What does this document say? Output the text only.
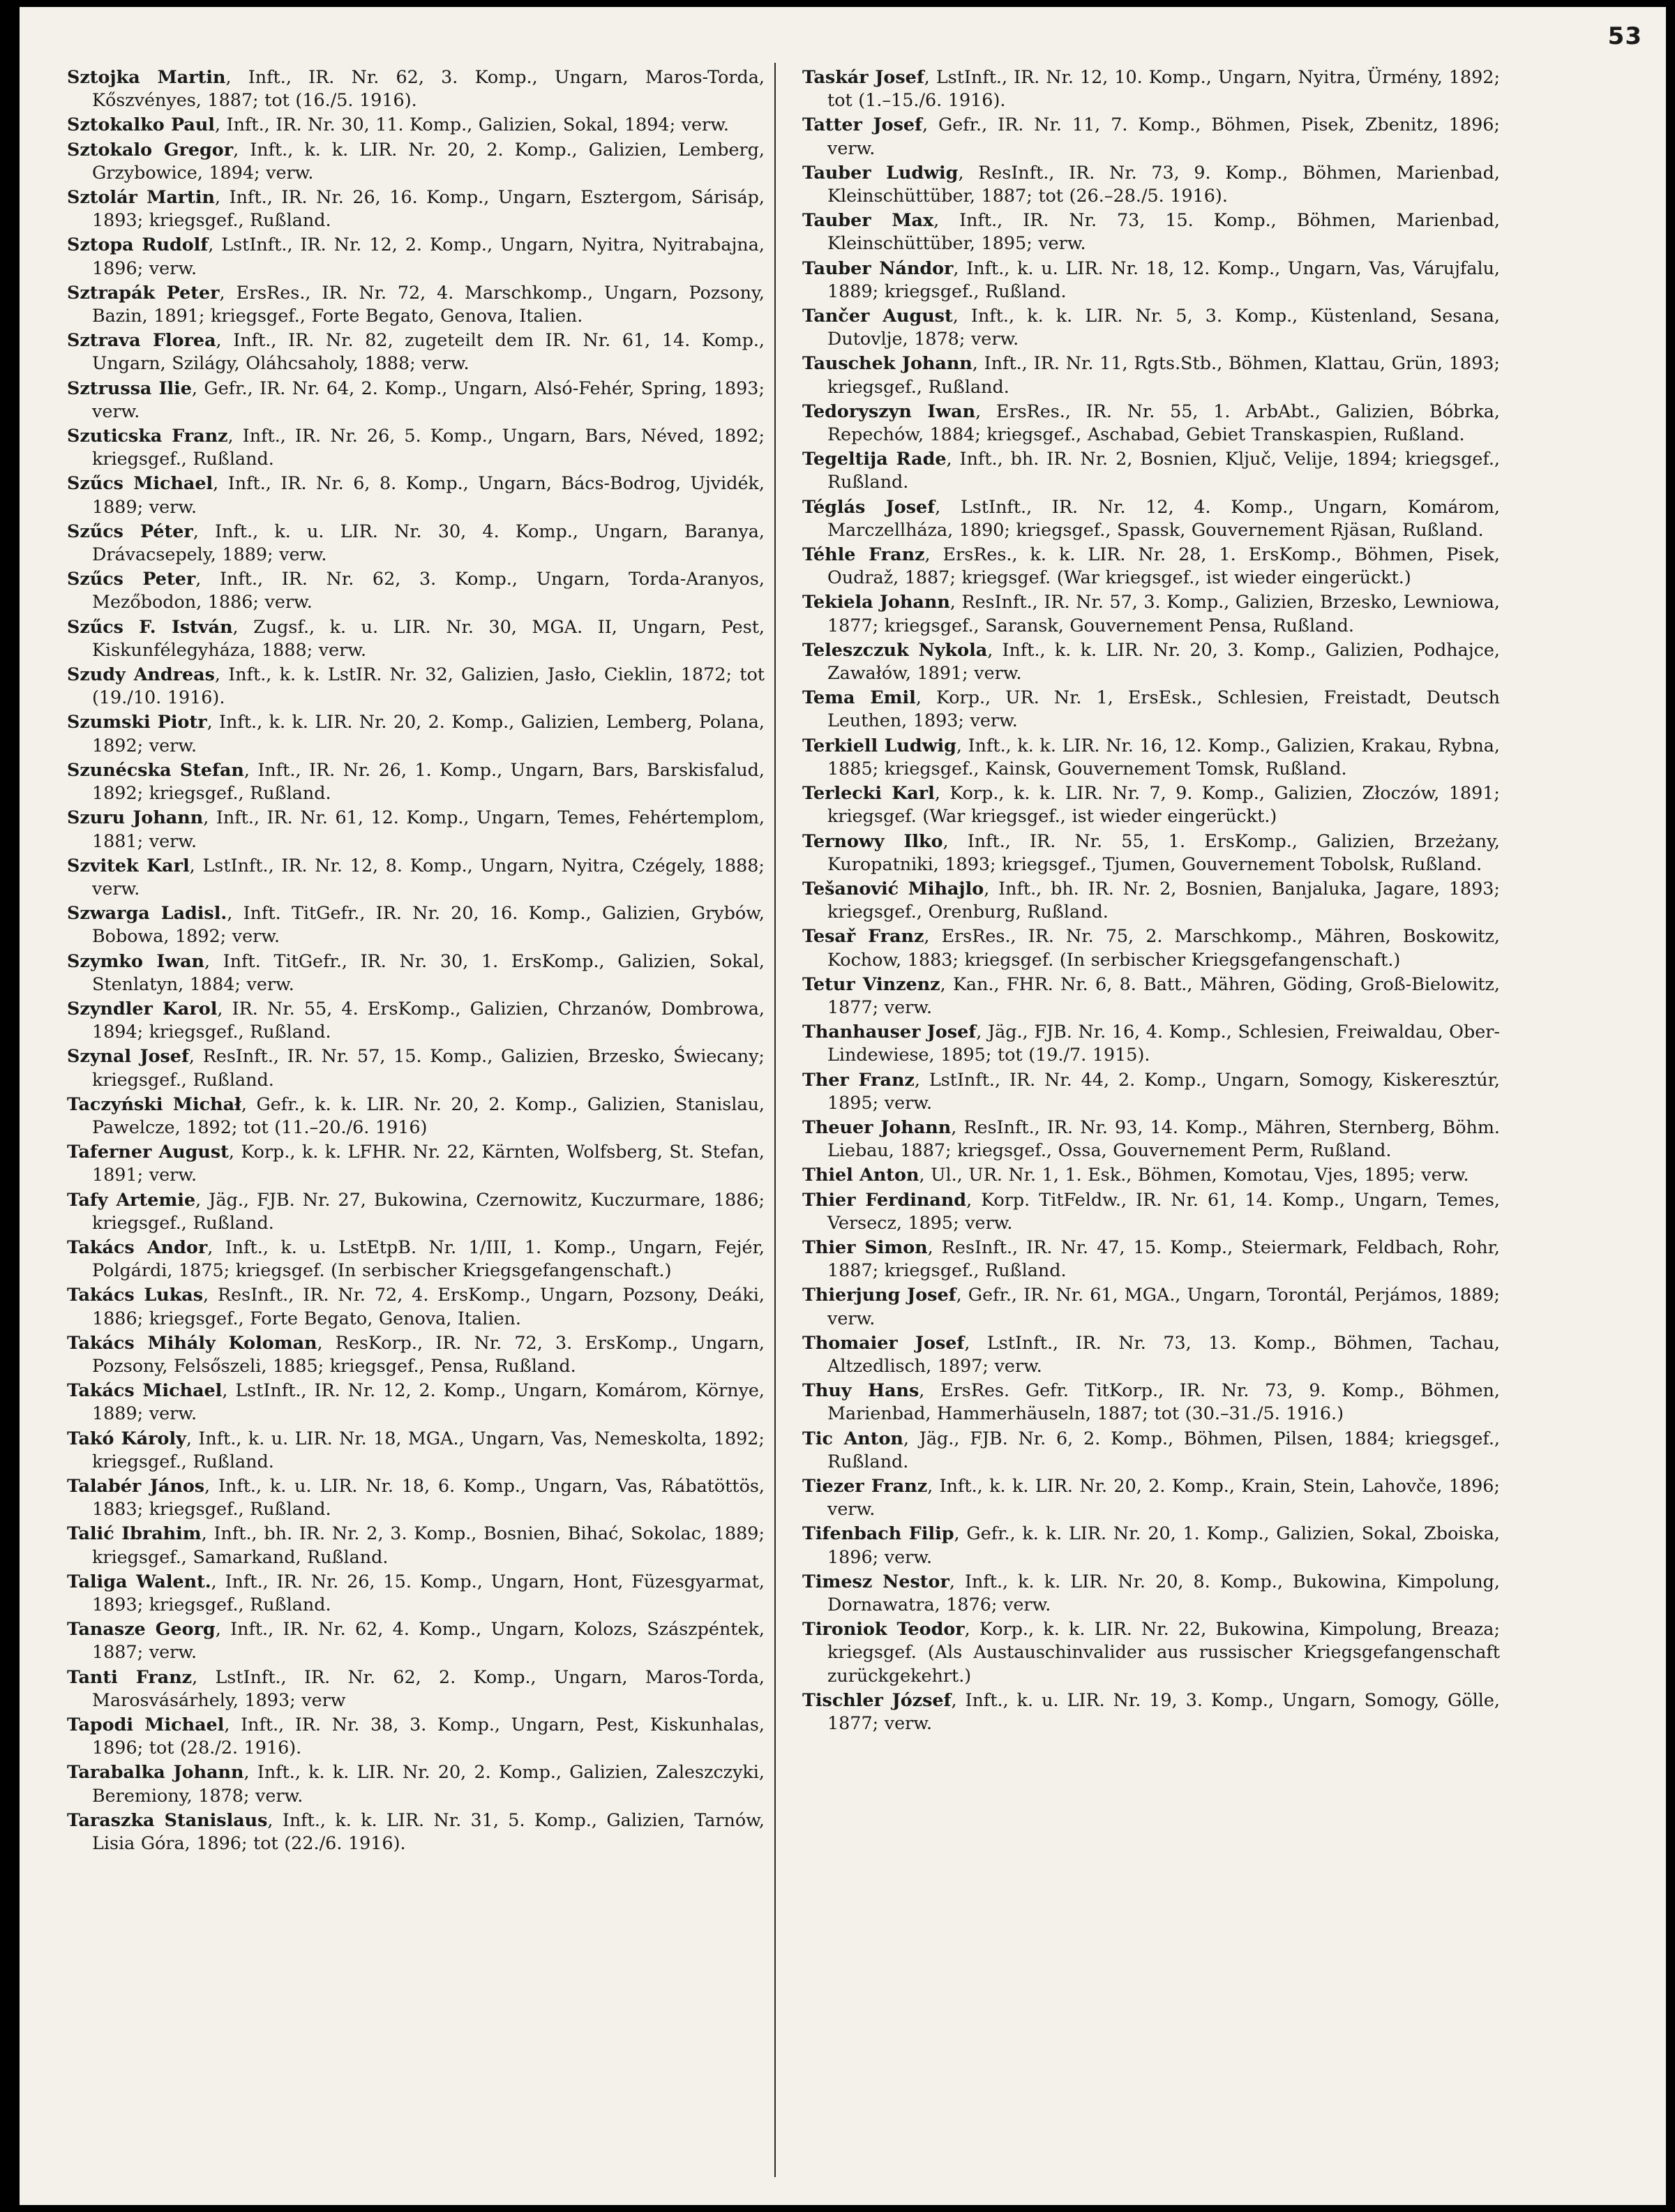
53

Sztojka Martin, Inft., IR. Nr. 62, 3. Komp., Ungarn, Maros-Torda, Kőszvényes, 1887; tot (16./5. 1916).

Sztokalko Paul, Inft., IR. Nr. 30, 11. Komp., Galizien, Sokal, 1894; verw.

Sztokalo Gregor, Inft., k. k. LIR. Nr. 20, 2. Komp., Galizien, Lemberg, Grzybowice, 1894; verw.

Sztolár Martin, Inft., IR. Nr. 26, 16. Komp., Ungarn, Esztergom, Sárisáp, 1893; kriegsgef., Rußland.

Sztopa Rudolf, LstInft., IR. Nr. 12, 2. Komp., Ungarn, Nyitra, Nyitrabajna, 1896; verw.

Sztrapák Peter, ErsRes., IR. Nr. 72, 4. Marschkomp., Ungarn, Pozsony, Bazin, 1891; kriegsgef., Forte Begato, Genova, Italien.

Sztrava Florea, Inft., IR. Nr. 82, zugeteilt dem IR. Nr. 61, 14. Komp., Ungarn, Szilágy, Oláhcsaholy, 1888; verw.

Sztrussa Ilie, Gefr., IR. Nr. 64, 2. Komp., Ungarn, Alsó-Fehér, Spring, 1893; verw.

Szuticska Franz, Inft., IR. Nr. 26, 5. Komp., Ungarn, Bars, Néved, 1892; kriegsgef., Rußland.

Szűcs Michael, Inft., IR. Nr. 6, 8. Komp., Ungarn, Bács-Bodrog, Ujvidék, 1889; verw.

Szűcs Péter, Inft., k. u. LIR. Nr. 30, 4. Komp., Ungarn, Baranya, Drávacsepely, 1889; verw.

Szűcs Peter, Inft., IR. Nr. 62, 3. Komp., Ungarn, Torda-Aranyos, Mezőbodon, 1886; verw.

Szűcs F. István, Zugsf., k. u. LIR. Nr. 30, MGA. II, Ungarn, Pest, Kiskunfélegyháza, 1888; verw.

Szudy Andreas, Inft., k. k. LstIR. Nr. 32, Galizien, Jasło, Cieklin, 1872; tot (19./10. 1916).

Szumski Piotr, Inft., k. k. LIR. Nr. 20, 2. Komp., Galizien, Lemberg, Polana, 1892; verw.

Szunécska Stefan, Inft., IR. Nr. 26, 1. Komp., Ungarn, Bars, Barskisfalud, 1892; kriegsgef., Rußland.

Szuru Johann, Inft., IR. Nr. 61, 12. Komp., Ungarn, Temes, Fehértemplom, 1881; verw.

Szvitek Karl, LstInft., IR. Nr. 12, 8. Komp., Ungarn, Nyitra, Czégely, 1888; verw.

Szwarga Ladisl., Inft. TitGefr., IR. Nr. 20, 16. Komp., Galizien, Grybów, Bobowa, 1892; verw.

Szymko Iwan, Inft. TitGefr., IR. Nr. 30, 1. ErsKomp., Galizien, Sokal, Stenlatyn, 1884; verw.

Szyndler Karol, IR. Nr. 55, 4. ErsKomp., Galizien, Chrzanów, Dombrowa, 1894; kriegsgef., Rußland.

Szynal Josef, ResInft., IR. Nr. 57, 15. Komp., Galizien, Brzesko, Świecany; kriegsgef., Rußland.

Taczyński Michał, Gefr., k. k. LIR. Nr. 20, 2. Komp., Galizien, Stanislau, Pawelcze, 1892; tot (11.–20./6. 1916)

Taferner August, Korp., k. k. LFHR. Nr. 22, Kärnten, Wolfsberg, St. Stefan, 1891; verw.

Tafy Artemie, Jäg., FJB. Nr. 27, Bukowina, Czernowitz, Kuczurmare, 1886; kriegsgef., Rußland.

Takács Andor, Inft., k. u. LstEtpB. Nr. 1/III, 1. Komp., Ungarn, Fejér, Polgárdi, 1875; kriegsgef. (In serbischer Kriegsgefangenschaft.)

Takács Lukas, ResInft., IR. Nr. 72, 4. ErsKomp., Ungarn, Pozsony, Deáki, 1886; kriegsgef., Forte Begato, Genova, Italien.

Takács Mihály Koloman, ResKorp., IR. Nr. 72, 3. ErsKomp., Ungarn, Pozsony, Felsőszeli, 1885; kriegsgef., Pensa, Rußland.

Takács Michael, LstInft., IR. Nr. 12, 2. Komp., Ungarn, Komárom, Környe, 1889; verw.

Takó Károly, Inft., k. u. LIR. Nr. 18, MGA., Ungarn, Vas, Nemeskolta, 1892; kriegsgef., Rußland.

Talabér János, Inft., k. u. LIR. Nr. 18, 6. Komp., Ungarn, Vas, Rábatöttös, 1883; kriegsgef., Rußland.

Talić Ibrahim, Inft., bh. IR. Nr. 2, 3. Komp., Bosnien, Bihać, Sokolac, 1889; kriegsgef., Samarkand, Rußland.

Taliga Walent., Inft., IR. Nr. 26, 15. Komp., Ungarn, Hont, Füzesgyarmat, 1893; kriegsgef., Rußland.

Tanasze Georg, Inft., IR. Nr. 62, 4. Komp., Ungarn, Kolozs, Szászpéntek, 1887; verw.

Tanti Franz, LstInft., IR. Nr. 62, 2. Komp., Ungarn, Maros-Torda, Marosvásárhely, 1893; verw

Tapodi Michael, Inft., IR. Nr. 38, 3. Komp., Ungarn, Pest, Kiskunhalas, 1896; tot (28./2. 1916).

Tarabalka Johann, Inft., k. k. LIR. Nr. 20, 2. Komp., Galizien, Zaleszczyki, Beremiony, 1878; verw.

Taraszka Stanislaus, Inft., k. k. LIR. Nr. 31, 5. Komp., Galizien, Tarnów, Lisia Góra, 1896; tot (22./6. 1916).

Taskár Josef, LstInft., IR. Nr. 12, 10. Komp., Ungarn, Nyitra, Ürmény, 1892; tot (1.–15./6. 1916).

Tatter Josef, Gefr., IR. Nr. 11, 7. Komp., Böhmen, Pisek, Zbenitz, 1896; verw.

Tauber Ludwig, ResInft., IR. Nr. 73, 9. Komp., Böhmen, Marienbad, Kleinschüttüber, 1887; tot (26.–28./5. 1916).

Tauber Max, Inft., IR. Nr. 73, 15. Komp., Böhmen, Marienbad, Kleinschüttüber, 1895; verw.

Tauber Nándor, Inft., k. u. LIR. Nr. 18, 12. Komp., Ungarn, Vas, Várujfalu, 1889; kriegsgef., Rußland.

Tančer August, Inft., k. k. LIR. Nr. 5, 3. Komp., Küstenland, Sesana, Dutovlje, 1878; verw.

Tauschek Johann, Inft., IR. Nr. 11, Rgts.Stb., Böhmen, Klattau, Grün, 1893; kriegsgef., Rußland.

Tedoryszyn Iwan, ErsRes., IR. Nr. 55, 1. ArbAbt., Galizien, Bóbrka, Repechów, 1884; kriegsgef., Aschabad, Gebiet Transkaspien, Rußland.

Tegeltija Rade, Inft., bh. IR. Nr. 2, Bosnien, Ključ, Velije, 1894; kriegsgef., Rußland.

Téglás Josef, LstInft., IR. Nr. 12, 4. Komp., Ungarn, Komárom, Marczellháza, 1890; kriegsgef., Spassk, Gouvernement Rjäsan, Rußland.

Téhle Franz, ErsRes., k. k. LIR. Nr. 28, 1. ErsKomp., Böhmen, Pisek, Oudraž, 1887; kriegsgef. (War kriegsgef., ist wieder eingerückt.)

Tekiela Johann, ResInft., IR. Nr. 57, 3. Komp., Galizien, Brzesko, Lewniowa, 1877; kriegsgef., Saransk, Gouvernement Pensa, Rußland.

Teleszczuk Nykola, Inft., k. k. LIR. Nr. 20, 3. Komp., Galizien, Podhajce, Zawałów, 1891; verw.

Tema Emil, Korp., UR. Nr. 1, ErsEsk., Schlesien, Freistadt, Deutsch Leuthen, 1893; verw.

Terkiell Ludwig, Inft., k. k. LIR. Nr. 16, 12. Komp., Galizien, Krakau, Rybna, 1885; kriegsgef., Kainsk, Gouvernement Tomsk, Rußland.

Terlecki Karl, Korp., k. k. LIR. Nr. 7, 9. Komp., Galizien, Złoczów, 1891; kriegsgef. (War kriegsgef., ist wieder eingerückt.)

Ternowy Ilko, Inft., IR. Nr. 55, 1. ErsKomp., Galizien, Brzeżany, Kuropatniki, 1893; kriegsgef., Tjumen, Gouvernement Tobolsk, Rußland.

Tešanović Mihajlo, Inft., bh. IR. Nr. 2, Bosnien, Banjaluka, Jagare, 1893; kriegsgef., Orenburg, Rußland.

Tesař Franz, ErsRes., IR. Nr. 75, 2. Marschkomp., Mähren, Boskowitz, Kochow, 1883; kriegsgef. (In serbischer Kriegsgefangenschaft.)

Tetur Vinzenz, Kan., FHR. Nr. 6, 8. Batt., Mähren, Göding, Groß-Bielowitz, 1877; verw.

Thanhauser Josef, Jäg., FJB. Nr. 16, 4. Komp., Schlesien, Freiwaldau, Ober-Lindewiese, 1895; tot (19./7. 1915).

Ther Franz, LstInft., IR. Nr. 44, 2. Komp., Ungarn, Somogy, Kiskeresztúr, 1895; verw.

Theuer Johann, ResInft., IR. Nr. 93, 14. Komp., Mähren, Sternberg, Böhm. Liebau, 1887; kriegsgef., Ossa, Gouvernement Perm, Rußland.

Thiel Anton, Ul., UR. Nr. 1, 1. Esk., Böhmen, Komotau, Vjes, 1895; verw.

Thier Ferdinand, Korp. TitFeldw., IR. Nr. 61, 14. Komp., Ungarn, Temes, Versecz, 1895; verw.

Thier Simon, ResInft., IR. Nr. 47, 15. Komp., Steiermark, Feldbach, Rohr, 1887; kriegsgef., Rußland.

Thierjung Josef, Gefr., IR. Nr. 61, MGA., Ungarn, Torontál, Perjámos, 1889; verw.

Thomaier Josef, LstInft., IR. Nr. 73, 13. Komp., Böhmen, Tachau, Altzedlisch, 1897; verw.

Thuy Hans, ErsRes. Gefr. TitKorp., IR. Nr. 73, 9. Komp., Böhmen, Marienbad, Hammerhäuseln, 1887; tot (30.–31./5. 1916.)

Tic Anton, Jäg., FJB. Nr. 6, 2. Komp., Böhmen, Pilsen, 1884; kriegsgef., Rußland.

Tiezer Franz, Inft., k. k. LIR. Nr. 20, 2. Komp., Krain, Stein, Lahovče, 1896; verw.

Tifenbach Filip, Gefr., k. k. LIR. Nr. 20, 1. Komp., Galizien, Sokal, Zboiska, 1896; verw.

Timesz Nestor, Inft., k. k. LIR. Nr. 20, 8. Komp., Bukowina, Kimpolung, Dornawatra, 1876; verw.

Tironiok Teodor, Korp., k. k. LIR. Nr. 22, Bukowina, Kimpolung, Breaza; kriegsgef. (Als Austauschinvalider aus russischer Kriegsgefangenschaft zurückgekehrt.)

Tischler József, Inft., k. u. LIR. Nr. 19, 3. Komp., Ungarn, Somogy, Gölle, 1877; verw.
